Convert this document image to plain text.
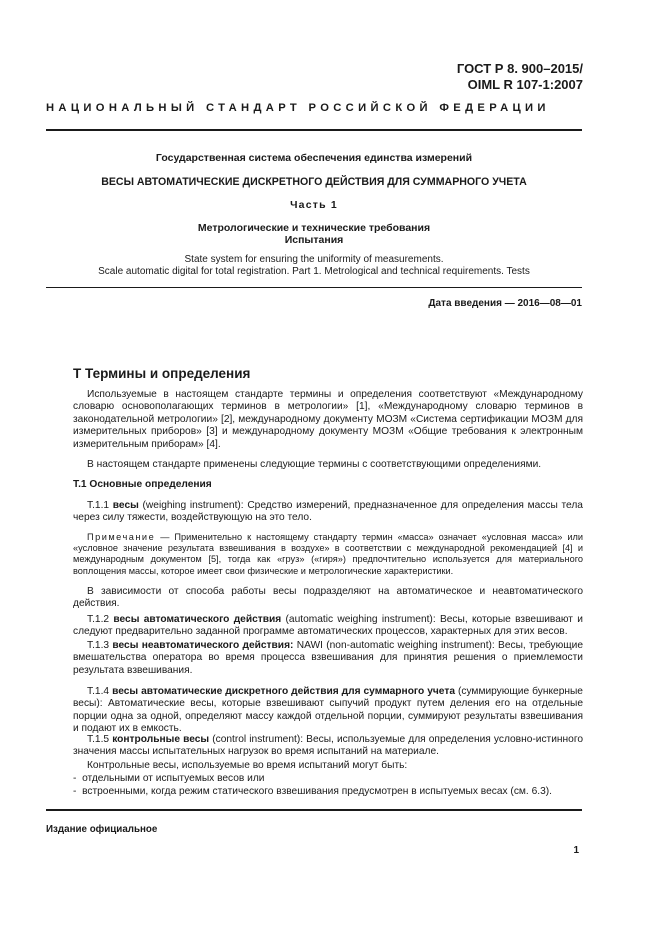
ГОСТ Р 8. 900–2015/
OIML R 107-1:2007
НАЦИОНАЛЬНЫЙ СТАНДАРТ РОССИЙСКОЙ ФЕДЕРАЦИИ
Государственная система обеспечения единства измерений
ВЕСЫ АВТОМАТИЧЕСКИЕ ДИСКРЕТНОГО ДЕЙСТВИЯ ДЛЯ СУММАРНОГО УЧЕТА
Часть 1
Метрологические и технические требования
Испытания
State system for ensuring the uniformity of measurements.
Scale automatic digital for total registration. Part 1. Metrological and technical requirements. Tests
Дата введения — 2016—08—01
Т Термины и определения
Используемые в настоящем стандарте термины и определения соответствуют «Международному словарю основополагающих терминов в метрологии» [1], «Международному словарю терминов в законодательной метрологии» [2], международному документу МОЗМ «Система сертификации МОЗМ для измерительных приборов» [3] и международному документу МОЗМ «Общие требования к электронным измерительным приборам» [4].
В настоящем стандарте применены следующие термины с соответствующими определениями.
Т.1 Основные определения
Т.1.1 весы (weighing instrument): Средство измерений, предназначенное для определения массы тела через силу тяжести, воздействующую на это тело.
Примечание — Применительно к настоящему стандарту термин «масса» означает «условная масса» или «условное значение результата взвешивания в воздухе» в соответствии с международной рекомендацией [4] и международным документом [5], тогда как «груз» («гиря») предпочтительно используется для материального воплощения массы, которое имеет свои физические и метрологические характеристики.
В зависимости от способа работы весы подразделяют на автоматическое и неавтоматического действия.
Т.1.2 весы автоматического действия (automatic weighing instrument): Весы, которые взвешивают и следуют предварительно заданной программе автоматических процессов, характерных для этих весов.
Т.1.3 весы неавтоматического действия: NAWI (non-automatic weighing instrument): Весы, требующие вмешательства оператора во время процесса взвешивания для принятия решения о приемлемости результата взвешивания.
Т.1.4 весы автоматические дискретного действия для суммарного учета (суммирующие бункерные весы): Автоматические весы, которые взвешивают сыпучий продукт путем деления его на отдельные порции одна за одной, определяют массу каждой отдельной порции, суммируют результаты взвешивания и подают их в емкость.
Т.1.5 контрольные весы (control instrument): Весы, используемые для определения условно-истинного значения массы испытательных нагрузок во время испытаний на материале.
Контрольные весы, используемые во время испытаний могут быть:
-  отдельными от испытуемых весов или
-  встроенными, когда режим статического взвешивания предусмотрен в испытуемых весах (см. 6.3).
Издание официальное
1
